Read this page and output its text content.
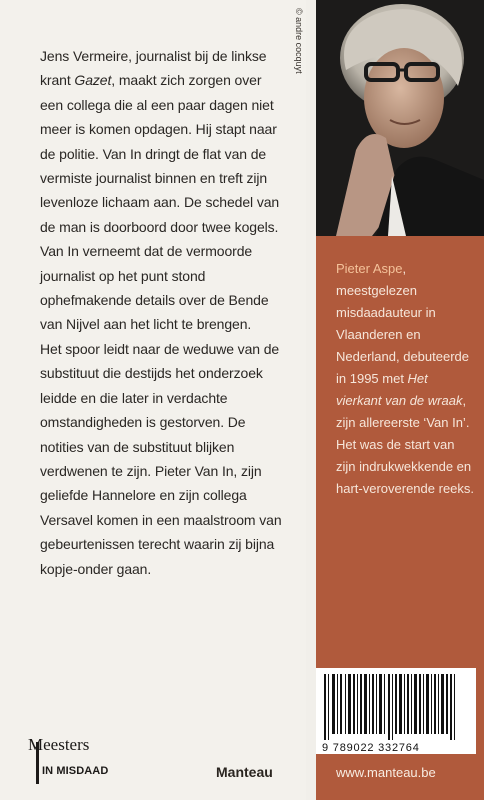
Jens Vermeire, journalist bij de linkse krant Gazet, maakt zich zorgen over een collega die al een paar dagen niet meer is komen opdagen. Hij stapt naar de politie. Van In dringt de flat van de vermiste journalist binnen en treft zijn levenloze lichaam aan. De schedel van de man is doorboord door twee kogels. Van In verneemt dat de vermoorde journalist op het punt stond ophefmakende details over de Bende van Nijvel aan het licht te brengen.

Het spoor leidt naar de weduwe van de substituut die destijds het onderzoek leidde en die later in verdachte omstandigheden is gestorven. De notities van de substituut blijken verdwenen te zijn. Pieter Van In, zijn geliefde Hannelore en zijn collega Versavel komen in een maalstroom van gebeurtenissen terecht waarin zij bijna kopje-onder gaan.

© andre cocquyt
Pieter Aspe, meestgelezen misdaadauteur in Vlaanderen en Nederland, debuteerde in 1995 met Het vierkant van de wraak, zijn allereerste ‘Van In’. Het was de start van zijn indrukwekkende en hart-veroverende reeks.
9 789022 332764
www.manteau.be
Meesters
IN MISDAAD	Manteau
